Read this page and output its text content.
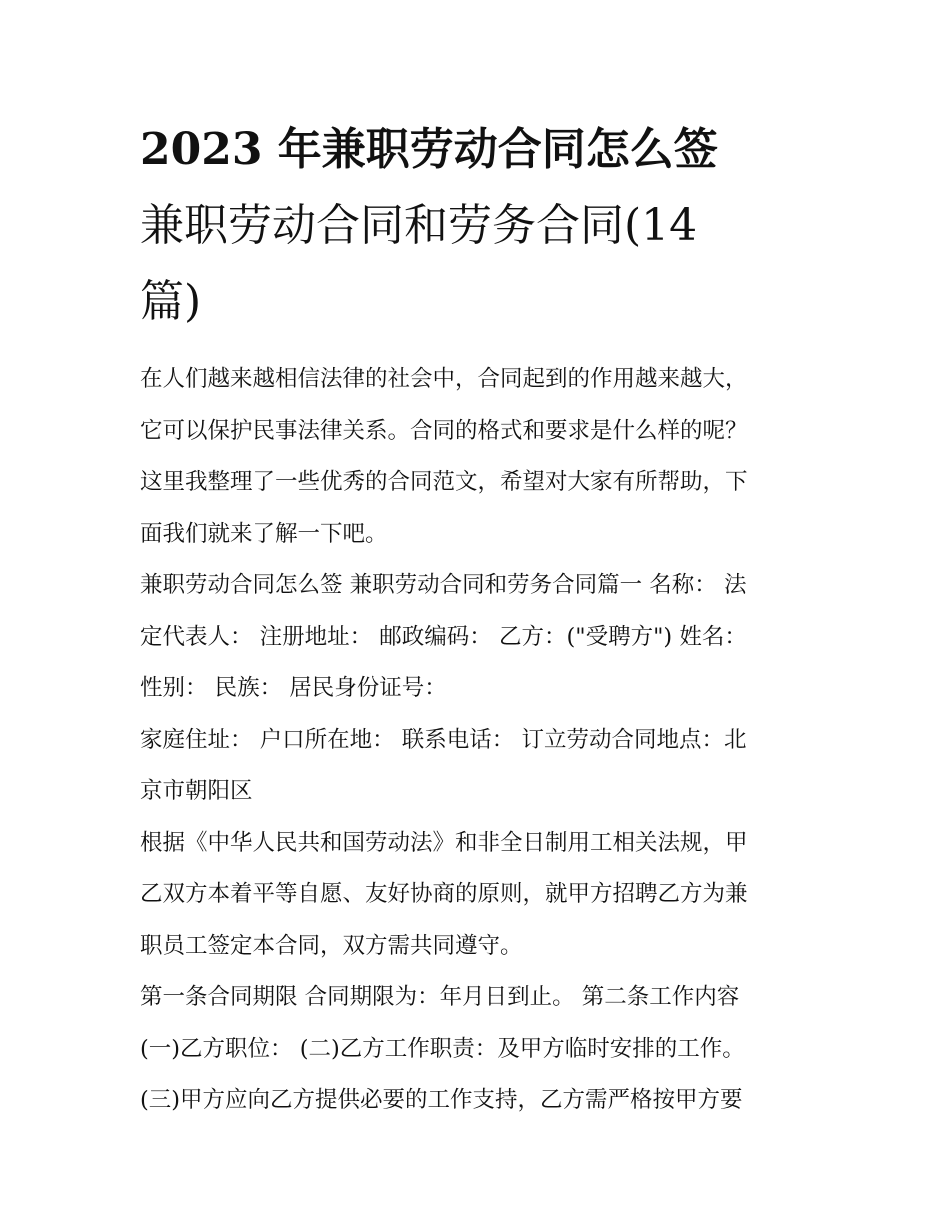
2023 年兼职劳动合同怎么签
兼职劳动合同和劳务合同(14
篇)
在人们越来越相信法律的社会中，合同起到的作用越来越大，
它可以保护民事法律关系。合同的格式和要求是什么样的呢？
这里我整理了一些优秀的合同范文，希望对大家有所帮助，下
面我们就来了解一下吧。
兼职劳动合同怎么签 兼职劳动合同和劳务合同篇一 名称： 法
定代表人： 注册地址： 邮政编码： 乙方：("受聘方") 姓名：
性别： 民族： 居民身份证号：
家庭住址： 户口所在地： 联系电话： 订立劳动合同地点：北
京市朝阳区
根据《中华人民共和国劳动法》和非全日制用工相关法规，甲
乙双方本着平等自愿、友好协商的原则，就甲方招聘乙方为兼
职员工签定本合同，双方需共同遵守。
第一条合同期限 合同期限为：年月日到止。 第二条工作内容
(一)乙方职位： (二)乙方工作职责：及甲方临时安排的工作。
(三)甲方应向乙方提供必要的工作支持，乙方需严格按甲方要
